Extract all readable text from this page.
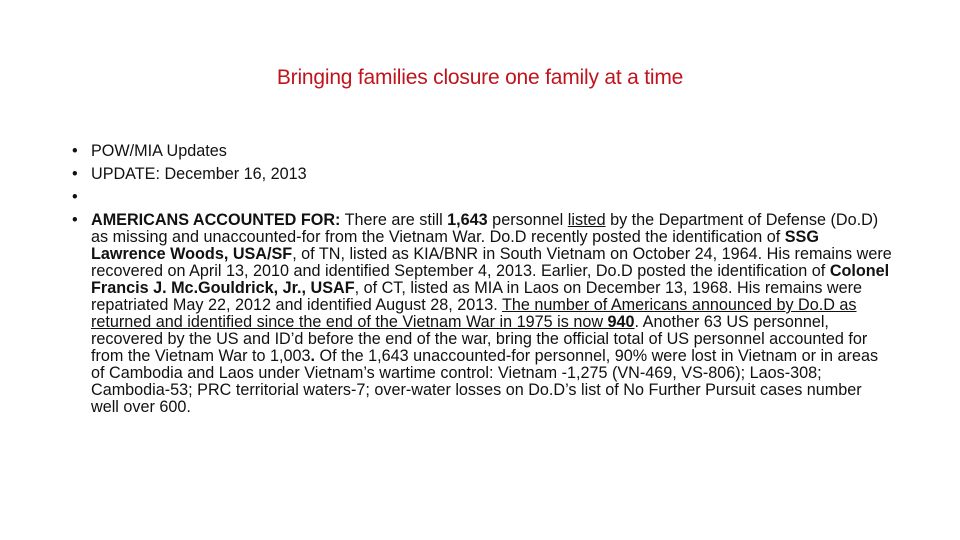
Bringing families closure one family at a time
• POW/MIA Updates
• UPDATE: December 16, 2013
•
• AMERICANS ACCOUNTED FOR: There are still 1,643 personnel listed by the Department of Defense (Do.D) as missing and unaccounted-for from the Vietnam War. Do.D recently posted the identification of SSG Lawrence Woods, USA/SF, of TN, listed as KIA/BNR in South Vietnam on October 24, 1964. His remains were recovered on April 13, 2010 and identified September 4, 2013. Earlier, Do.D posted the identification of Colonel Francis J. Mc.Gouldrick, Jr., USAF, of CT, listed as MIA in Laos on December 13, 1968. His remains were repatriated May 22, 2012 and identified August 28, 2013. The number of Americans announced by Do.D as returned and identified since the end of the Vietnam War in 1975 is now 940. Another 63 US personnel, recovered by the US and ID’d before the end of the war, bring the official total of US personnel accounted for from the Vietnam War to 1,003. Of the 1,643 unaccounted-for personnel, 90% were lost in Vietnam or in areas of Cambodia and Laos under Vietnam’s wartime control: Vietnam -1,275 (VN-469, VS-806); Laos-308; Cambodia-53; PRC territorial waters-7; over-water losses on Do.D’s list of No Further Pursuit cases number well over 600.
